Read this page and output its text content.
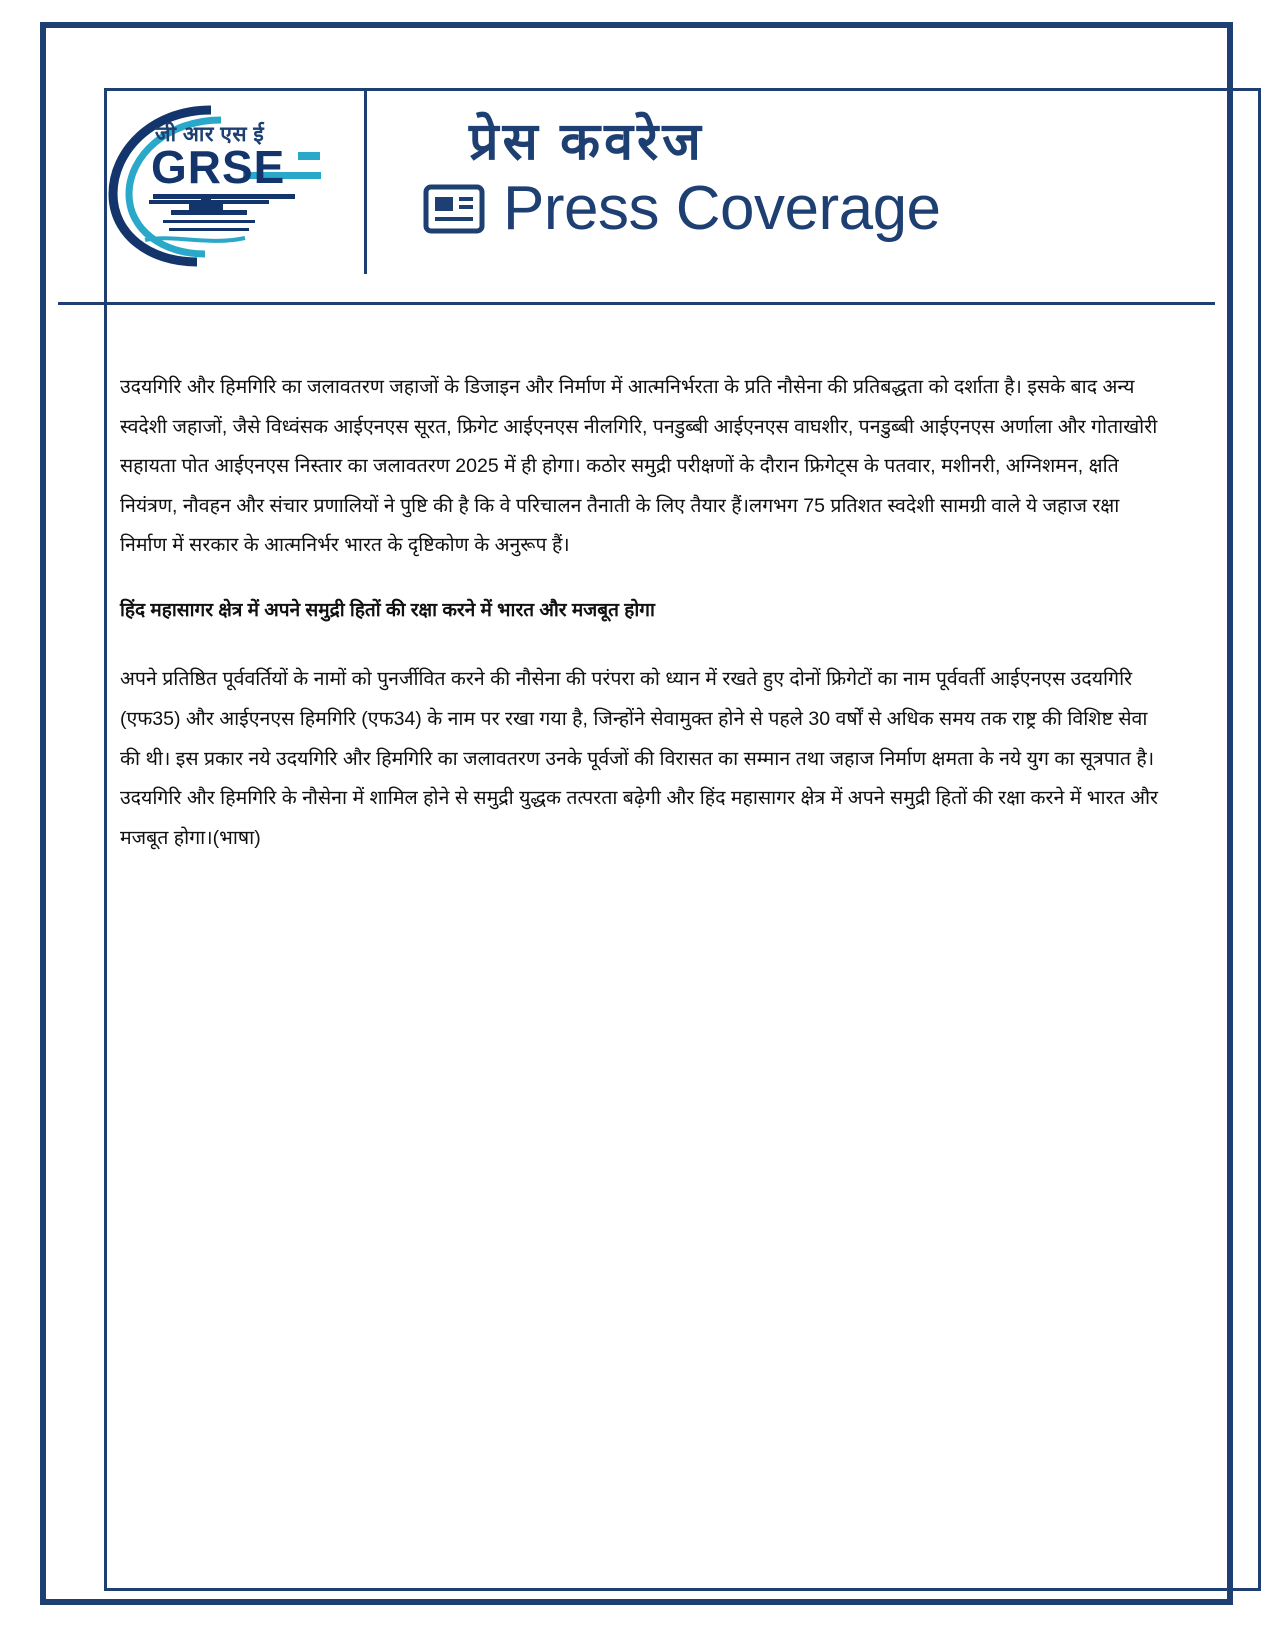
जी आर एस ई
GRSE	प्रेस कवरेज
Press Coverage

उदयगिरि और हिमगिरि का जलावतरण जहाजों के डिजाइन और निर्माण में आत्मनिर्भरता के प्रति नौसेना की प्रतिबद्धता को दर्शाता है। इसके बाद अन्य स्वदेशी जहाजों, जैसे विध्वंसक आईएनएस सूरत, फ्रिगेट आईएनएस नीलगिरि, पनडुब्बी आईएनएस वाघशीर, पनडुब्बी आईएनएस अर्णाला और गोताखोरी सहायता पोत आईएनएस निस्तार का जलावतरण 2025 में ही होगा। कठोर समुद्री परीक्षणों के दौरान फ्रिगेट्स के पतवार, मशीनरी, अग्निशमन, क्षति नियंत्रण, नौवहन और संचार प्रणालियों ने पुष्टि की है कि वे परिचालन तैनाती के लिए तैयार हैं।लगभग 75 प्रतिशत स्वदेशी सामग्री वाले ये जहाज रक्षा निर्माण में सरकार के आत्मनिर्भर भारत के दृष्टिकोण के अनुरूप हैं।

हिंद महासागर क्षेत्र में अपने समुद्री हितों की रक्षा करने में भारत और मजबूत होगा

अपने प्रतिष्ठित पूर्ववर्तियों के नामों को पुनर्जीवित करने की नौसेना की परंपरा को ध्यान में रखते हुए दोनों फ्रिगेटों का नाम पूर्ववर्ती आईएनएस उदयगिरि (एफ35) और आईएनएस हिमगिरि (एफ34) के नाम पर रखा गया है, जिन्होंने सेवामुक्त होने से पहले 30 वर्षों से अधिक समय तक राष्ट्र की विशिष्ट सेवा की थी। इस प्रकार नये उदयगिरि और हिमगिरि का जलावतरण उनके पूर्वजों की विरासत का सम्मान तथा जहाज निर्माण क्षमता के नये युग का सूत्रपात है। उदयगिरि और हिमगिरि के नौसेना में शामिल होने से समुद्री युद्धक तत्परता बढ़ेगी और हिंद महासागर क्षेत्र में अपने समुद्री हितों की रक्षा करने में भारत और मजबूत होगा।(भाषा)
